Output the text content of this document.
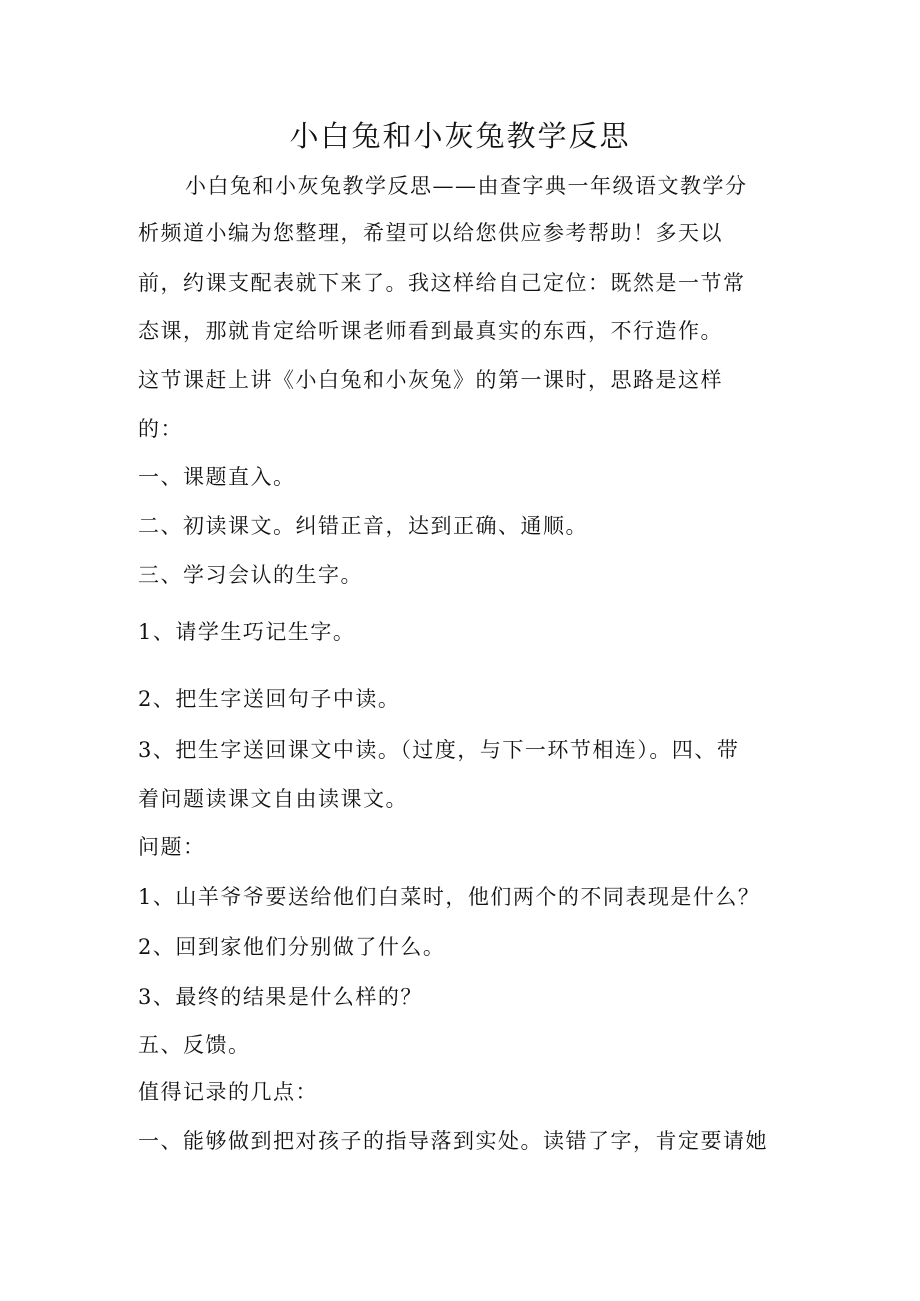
小白兔和小灰兔教学反思
小白兔和小灰兔教学反思——由查字典一年级语文教学分
析频道小编为您整理，希望可以给您供应参考帮助！多天以
前，约课支配表就下来了。我这样给自己定位：既然是一节常
态课，那就肯定给听课老师看到最真实的东西，不行造作。
这节课赶上讲《小白兔和小灰兔》的第一课时，思路是这样
的：
一、课题直入。
二、初读课文。纠错正音，达到正确、通顺。
三、学习会认的生字。
1、请学生巧记生字。
2、把生字送回句子中读。
3、把生字送回课文中读。（过度，与下一环节相连）。四、带
着问题读课文自由读课文。
问题：
1、山羊爷爷要送给他们白菜时，他们两个的不同表现是什么？
2、回到家他们分别做了什么。
3、最终的结果是什么样的？
五、反馈。
值得记录的几点：
一、能够做到把对孩子的指导落到实处。读错了字，肯定要请她
